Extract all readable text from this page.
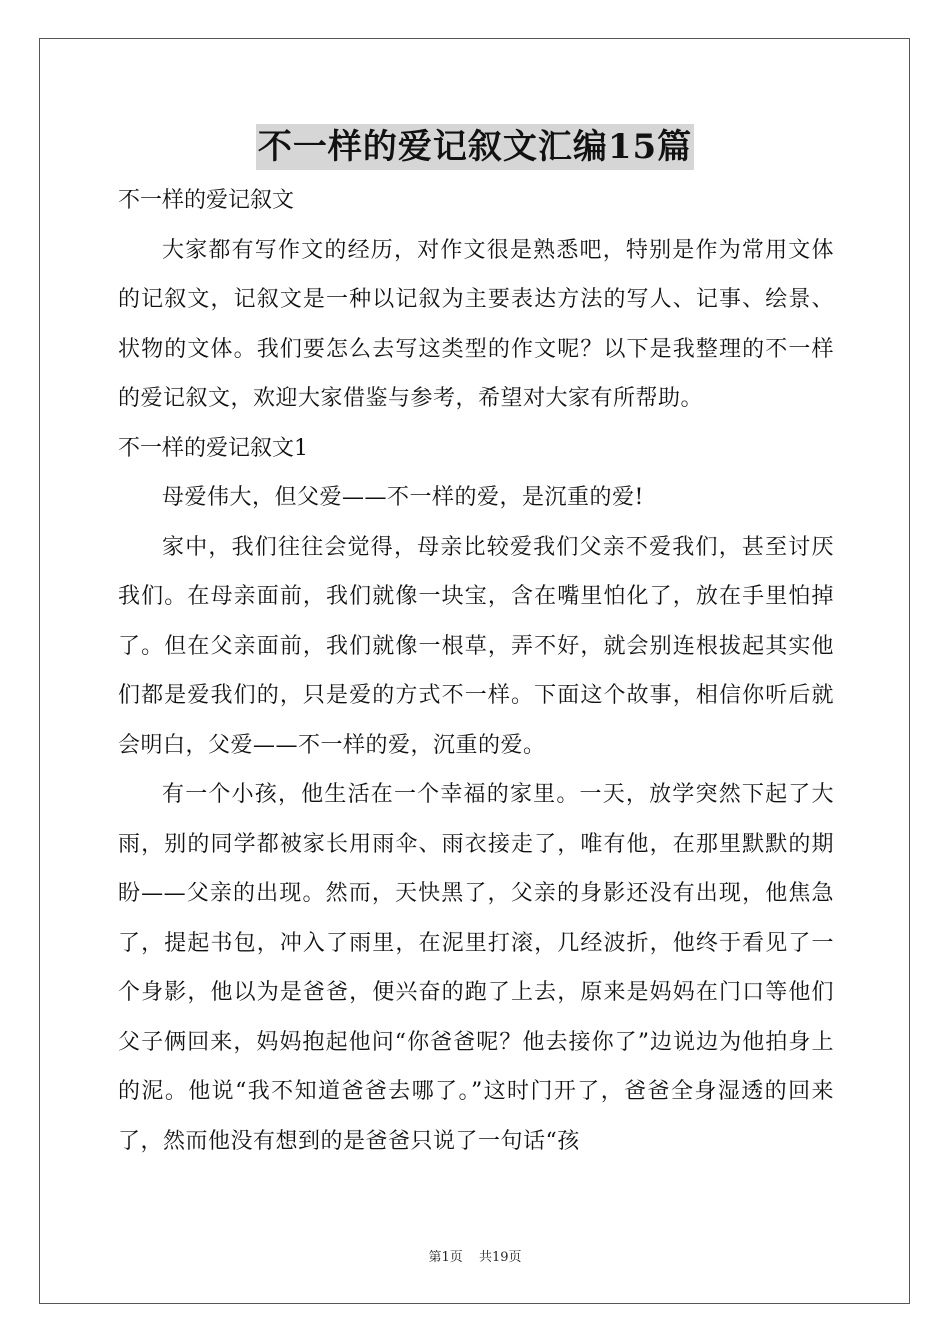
不一样的爱记叙文汇编15篇

不一样的爱记叙文

大家都有写作文的经历，对作文很是熟悉吧，特别是作为常用文体的记叙文，记叙文是一种以记叙为主要表达方法的写人、记事、绘景、状物的文体。我们要怎么去写这类型的作文呢？以下是我整理的不一样的爱记叙文，欢迎大家借鉴与参考，希望对大家有所帮助。

不一样的爱记叙文1

母爱伟大，但父爱——不一样的爱，是沉重的爱!

家中，我们往往会觉得，母亲比较爱我们父亲不爱我们，甚至讨厌我们。在母亲面前，我们就像一块宝，含在嘴里怕化了，放在手里怕掉了。但在父亲面前，我们就像一根草，弄不好，就会别连根拔起其实他们都是爱我们的，只是爱的方式不一样。下面这个故事，相信你听后就会明白，父爱——不一样的爱，沉重的爱。

有一个小孩，他生活在一个幸福的家里。一天，放学突然下起了大雨，别的同学都被家长用雨伞、雨衣接走了，唯有他，在那里默默的期盼——父亲的出现。然而，天快黑了，父亲的身影还没有出现，他焦急了，提起书包，冲入了雨里，在泥里打滚，几经波折，他终于看见了一个身影，他以为是爸爸，便兴奋的跑了上去，原来是妈妈在门口等他们父子俩回来，妈妈抱起他问“你爸爸呢？他去接你了”边说边为他拍身上的泥。他说“我不知道爸爸去哪了。”这时门开了，爸爸全身湿透的回来了，然而他没有想到的是爸爸只说了一句话“孩

第1页 共19页
